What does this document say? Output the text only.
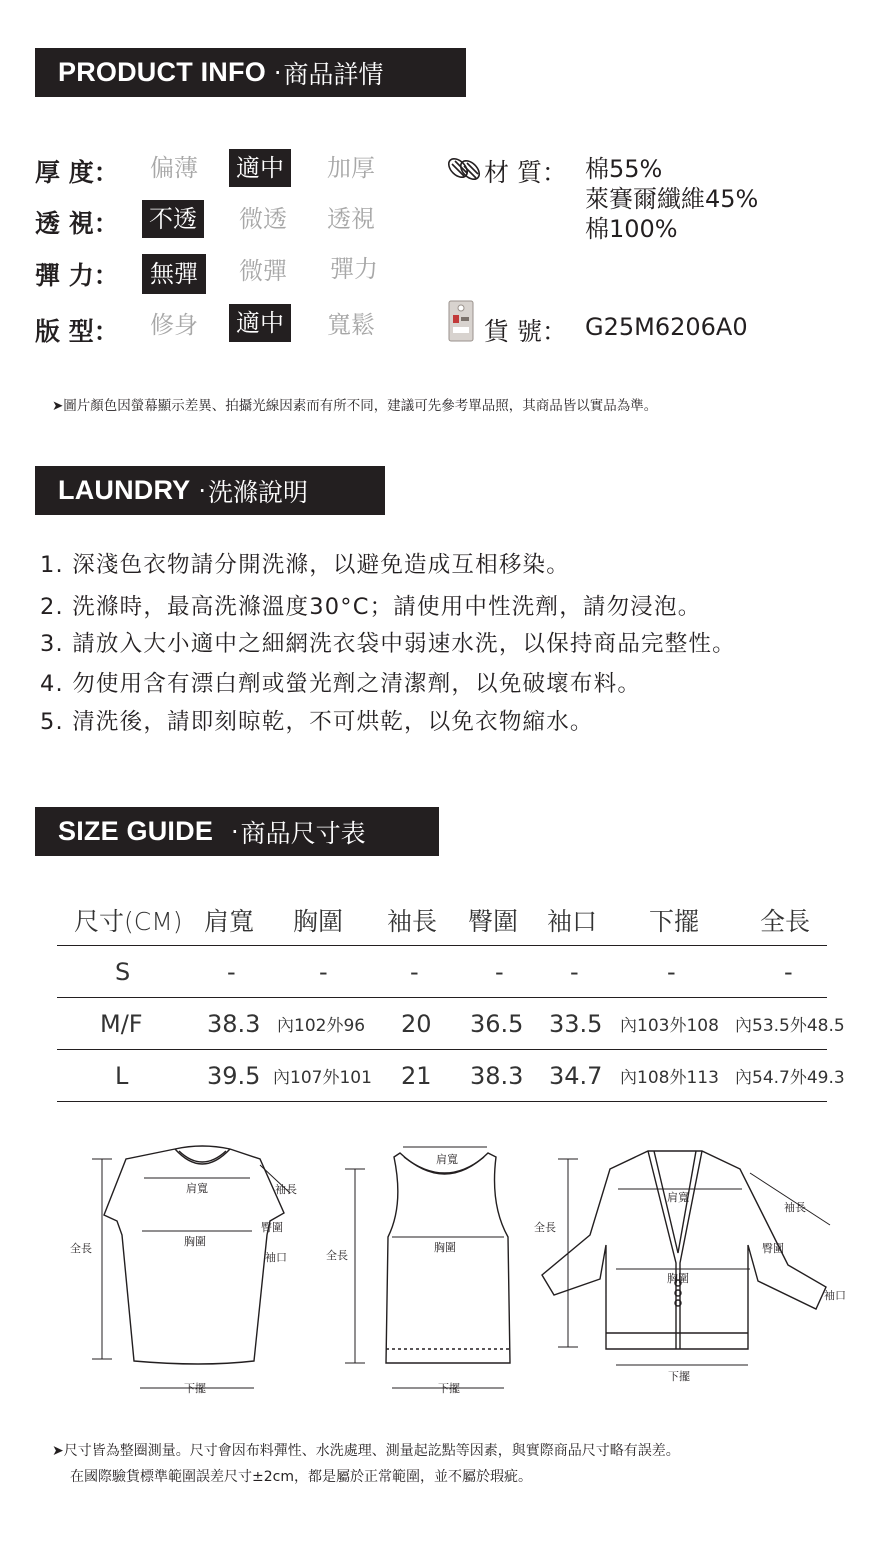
PRODUCT INFO · 商品詳情
厚 度： 偏薄 適中 加厚
透 視： 不透 微透 透視
彈 力：	無彈	微彈 彈力
版 型： 修身 適中 寬鬆
材 質： 棉55%
萊賽爾纖維45%
棉100%
貨 號： G25M6206A0
➤圖片顏色因螢幕顯示差異、拍攝光線因素而有所不同，建議可先參考單品照，其商品皆以實品為準。
LAUNDRY · 洗滌說明
1. 深淺色衣物請分開洗滌，以避免造成互相移染。
2. 洗滌時，最高洗滌溫度30°C；請使用中性洗劑，請勿浸泡。
3. 請放入大小適中之細網洗衣袋中弱速水洗，以保持商品完整性。
4. 勿使用含有漂白劑或螢光劑之清潔劑，以免破壞布料。
5. 清洗後，請即刻晾乾，不可烘乾，以免衣物縮水。
SIZE GUIDE · 商品尺寸表
尺寸(CM) 肩寬 胸圍 袖長 臀圍 袖口 下擺 全長
S	-	-	-	-	-	-	-
M/F	38.3 內102外96 20 36.5 33.5 內103外108 內53.5外48.5
L	39.5 內107外101 21 38.3 34.7 內108外113 內54.7外49.3
肩寬
胸圍
袖長
臀圍
袖口
全長
下擺
肩寬
胸圍
全長
下擺
肩寬
袖長
臀圍
胸圍
袖口
全長
下擺
➤尺寸皆為整圈測量。尺寸會因布料彈性、水洗處理、測量起訖點等因素，與實際商品尺寸略有誤差。
在國際驗貨標準範圍誤差尺寸±2cm，都是屬於正常範圍，並不屬於瑕疵。
